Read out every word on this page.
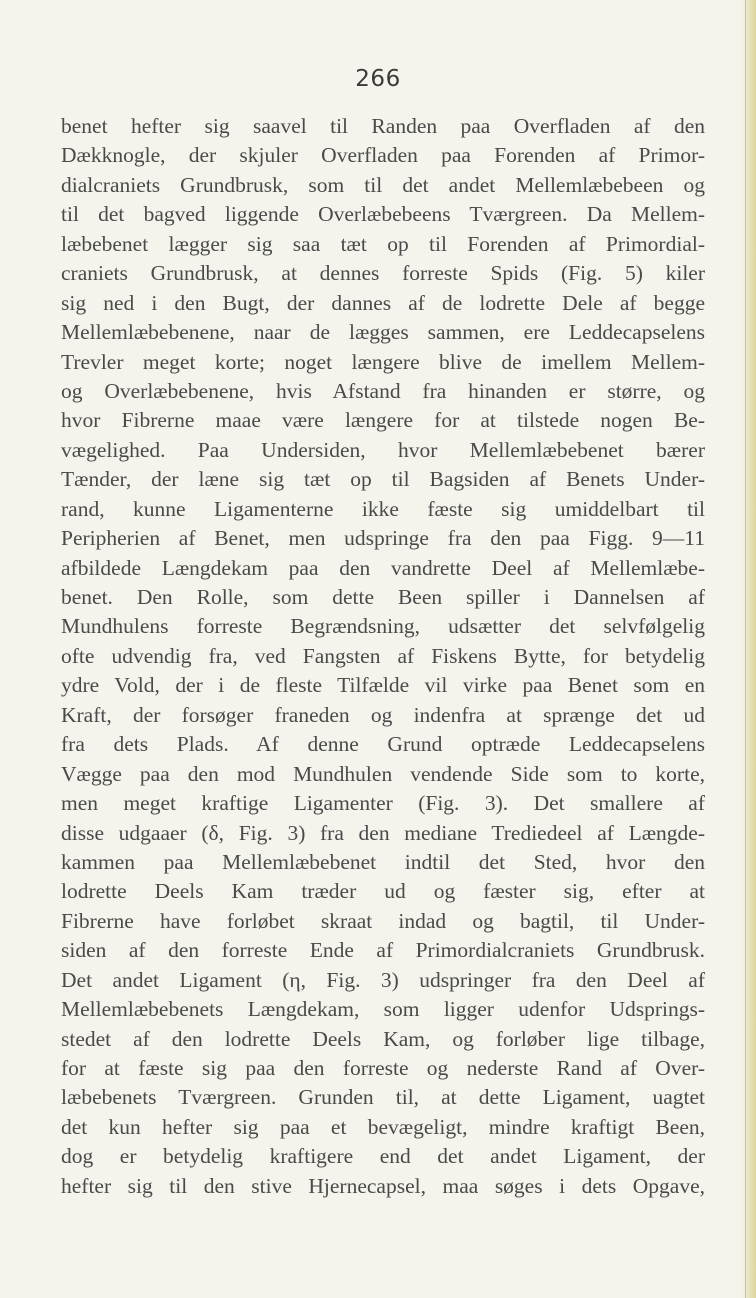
266
benet hefter sig saavel til Randen paa Overfladen af den
Dækknogle, der skjuler Overfladen paa Forenden af Primor-
dialcraniets Grundbrusk, som til det andet Mellemlæbebeen og
til det bagved liggende Overlæbebeens Tværgreen. Da Mellem-
læbebenet lægger sig saa tæt op til Forenden af Primordial-
craniets Grundbrusk, at dennes forreste Spids (Fig. 5) kiler
sig ned i den Bugt, der dannes af de lodrette Dele af begge
Mellemlæbebenene, naar de lægges sammen, ere Leddecapselens
Trevler meget korte; noget længere blive de imellem Mellem-
og Overlæbebenene, hvis Afstand fra hinanden er større, og
hvor Fibrerne maae være længere for at tilstede nogen Be-
vægelighed. Paa Undersiden, hvor Mellemlæbebenet bærer
Tænder, der læne sig tæt op til Bagsiden af Benets Under-
rand, kunne Ligamenterne ikke fæste sig umiddelbart til
Peripherien af Benet, men udspringe fra den paa Figg. 9—11
afbildede Længdekam paa den vandrette Deel af Mellemlæbe-
benet. Den Rolle, som dette Been spiller i Dannelsen af
Mundhulens forreste Begrændsning, udsætter det selvfølgelig
ofte udvendig fra, ved Fangsten af Fiskens Bytte, for betydelig
ydre Vold, der i de fleste Tilfælde vil virke paa Benet som en
Kraft, der forsøger franeden og indenfra at sprænge det ud
fra dets Plads. Af denne Grund optræde Leddecapselens
Vægge paa den mod Mundhulen vendende Side som to korte,
men meget kraftige Ligamenter (Fig. 3). Det smallere af
disse udgaaer (δ, Fig. 3) fra den mediane Trediedeel af Længde-
kammen paa Mellemlæbebenet indtil det Sted, hvor den
lodrette Deels Kam træder ud og fæster sig, efter at
Fibrerne have forløbet skraat indad og bagtil, til Under-
siden af den forreste Ende af Primordialcraniets Grundbrusk.
Det andet Ligament (η, Fig. 3) udspringer fra den Deel af
Mellemlæbebenets Længdekam, som ligger udenfor Udsprings-
stedet af den lodrette Deels Kam, og forløber lige tilbage,
for at fæste sig paa den forreste og nederste Rand af Over-
læbebenets Tværgreen. Grunden til, at dette Ligament, uagtet
det kun hefter sig paa et bevægeligt, mindre kraftigt Been,
dog er betydelig kraftigere end det andet Ligament, der
hefter sig til den stive Hjernecapsel, maa søges i dets Opgave,
